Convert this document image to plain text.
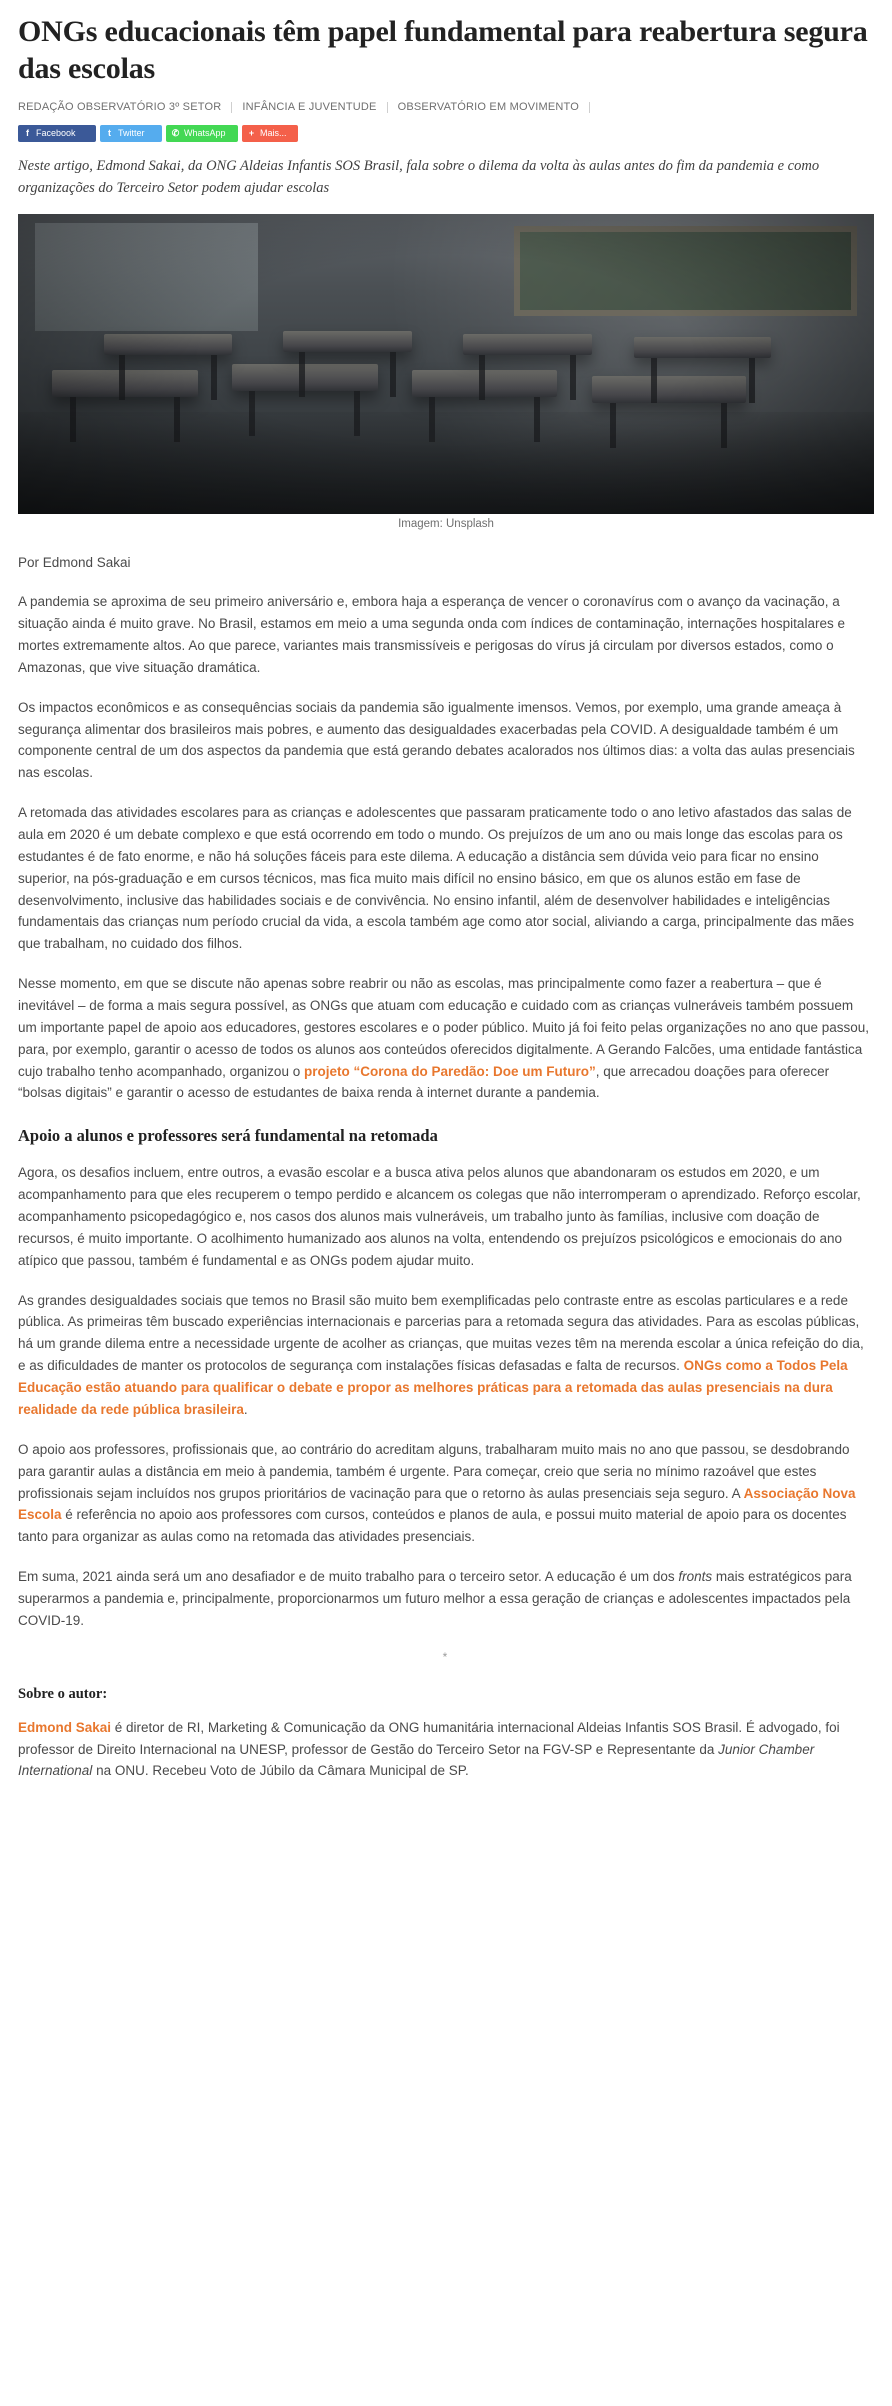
ONGs educacionais têm papel fundamental para reabertura segura das escolas
REDAÇÃO OBSERVATÓRIO 3º SETOR INFÂNCIA E JUVENTUDE OBSERVATÓRIO EM MOVIMENTO
f Facebook	t Twitter	✆ WhatsApp	+ Mais...

Neste artigo, Edmond Sakai, da ONG Aldeias Infantis SOS Brasil, fala sobre o dilema da volta às aulas antes do fim da pandemia e como organizações do Terceiro Setor podem ajudar escolas

Imagem: Unsplash

Por Edmond Sakai

A pandemia se aproxima de seu primeiro aniversário e, embora haja a esperança de vencer o coronavírus com o avanço da vacinação, a situação ainda é muito grave. No Brasil, estamos em meio a uma segunda onda com índices de contaminação, internações hospitalares e mortes extremamente altos. Ao que parece, variantes mais transmissíveis e perigosas do vírus já circulam por diversos estados, como o Amazonas, que vive situação dramática.

Os impactos econômicos e as consequências sociais da pandemia são igualmente imensos. Vemos, por exemplo, uma grande ameaça à segurança alimentar dos brasileiros mais pobres, e aumento das desigualdades exacerbadas pela COVID. A desigualdade também é um componente central de um dos aspectos da pandemia que está gerando debates acalorados nos últimos dias: a volta das aulas presenciais nas escolas.

A retomada das atividades escolares para as crianças e adolescentes que passaram praticamente todo o ano letivo afastados das salas de aula em 2020 é um debate complexo e que está ocorrendo em todo o mundo. Os prejuízos de um ano ou mais longe das escolas para os estudantes é de fato enorme, e não há soluções fáceis para este dilema. A educação a distância sem dúvida veio para ficar no ensino superior, na pós-graduação e em cursos técnicos, mas fica muito mais difícil no ensino básico, em que os alunos estão em fase de desenvolvimento, inclusive das habilidades sociais e de convivência. No ensino infantil, além de desenvolver habilidades e inteligências fundamentais das crianças num período crucial da vida, a escola também age como ator social, aliviando a carga, principalmente das mães que trabalham, no cuidado dos filhos.

Nesse momento, em que se discute não apenas sobre reabrir ou não as escolas, mas principalmente como fazer a reabertura – que é inevitável – de forma a mais segura possível, as ONGs que atuam com educação e cuidado com as crianças vulneráveis também possuem um importante papel de apoio aos educadores, gestores escolares e o poder público. Muito já foi feito pelas organizações no ano que passou, para, por exemplo, garantir o acesso de todos os alunos aos conteúdos oferecidos digitalmente. A Gerando Falcões, uma entidade fantástica cujo trabalho tenho acompanhado, organizou o projeto “Corona do Paredão: Doe um Futuro”, que arrecadou doações para oferecer “bolsas digitais” e garantir o acesso de estudantes de baixa renda à internet durante a pandemia.

Apoio a alunos e professores será fundamental na retomada

Agora, os desafios incluem, entre outros, a evasão escolar e a busca ativa pelos alunos que abandonaram os estudos em 2020, e um acompanhamento para que eles recuperem o tempo perdido e alcancem os colegas que não interromperam o aprendizado. Reforço escolar, acompanhamento psicopedagógico e, nos casos dos alunos mais vulneráveis, um trabalho junto às famílias, inclusive com doação de recursos, é muito importante. O acolhimento humanizado aos alunos na volta, entendendo os prejuízos psicológicos e emocionais do ano atípico que passou, também é fundamental e as ONGs podem ajudar muito.

As grandes desigualdades sociais que temos no Brasil são muito bem exemplificadas pelo contraste entre as escolas particulares e a rede pública. As primeiras têm buscado experiências internacionais e parcerias para a retomada segura das atividades. Para as escolas públicas, há um grande dilema entre a necessidade urgente de acolher as crianças, que muitas vezes têm na merenda escolar a única refeição do dia, e as dificuldades de manter os protocolos de segurança com instalações físicas defasadas e falta de recursos. ONGs como a Todos Pela Educação estão atuando para qualificar o debate e propor as melhores práticas para a retomada das aulas presenciais na dura realidade da rede pública brasileira.

O apoio aos professores, profissionais que, ao contrário do acreditam alguns, trabalharam muito mais no ano que passou, se desdobrando para garantir aulas a distância em meio à pandemia, também é urgente. Para começar, creio que seria no mínimo razoável que estes profissionais sejam incluídos nos grupos prioritários de vacinação para que o retorno às aulas presenciais seja seguro. A Associação Nova Escola é referência no apoio aos professores com cursos, conteúdos e planos de aula, e possui muito material de apoio para os docentes tanto para organizar as aulas como na retomada das atividades presenciais.

Em suma, 2021 ainda será um ano desafiador e de muito trabalho para o terceiro setor. A educação é um dos fronts mais estratégicos para superarmos a pandemia e, principalmente, proporcionarmos um futuro melhor a essa geração de crianças e adolescentes impactados pela COVID-19.

*
Sobre o autor:

Edmond Sakai é diretor de RI, Marketing & Comunicação da ONG humanitária internacional Aldeias Infantis SOS Brasil. É advogado, foi professor de Direito Internacional na UNESP, professor de Gestão do Terceiro Setor na FGV-SP e Representante da Junior Chamber International na ONU. Recebeu Voto de Júbilo da Câmara Municipal de SP.
